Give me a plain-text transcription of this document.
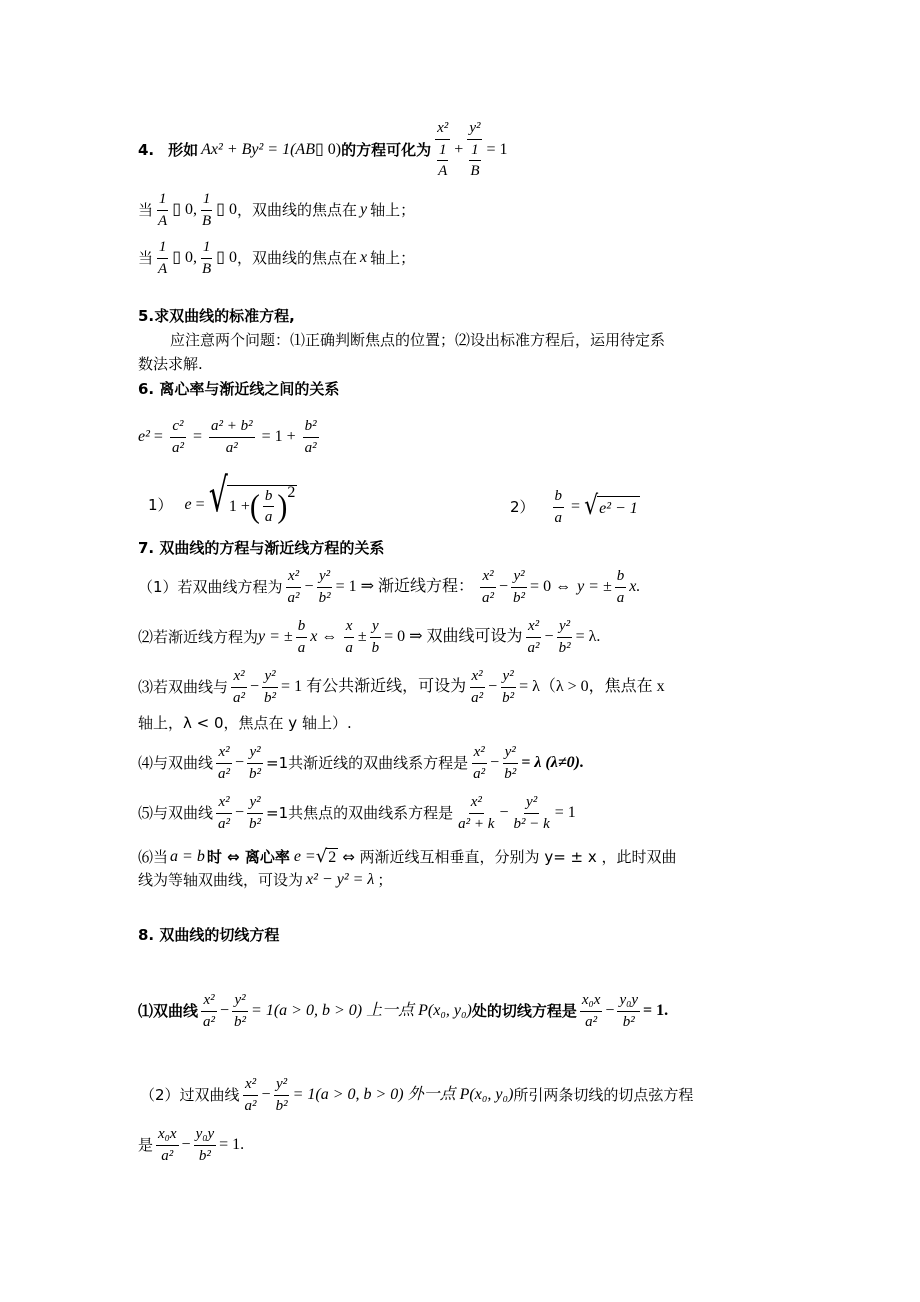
4. 形如 Ax² + By² = 1(AB ▯ 0) 的方程可化为 $\frac{\text{x²}}{\frac{1}{A}} + \frac{\text{y²}}{\frac{1}{B}} = 1$
当 $\frac{1}{A}$ ▯ 0, $\frac{1}{B}$ ▯ 0 ，双曲线的焦点在 y 轴上；
当 $\frac{1}{A}$ ▯ 0, $\frac{1}{B}$ ▯ 0 ，双曲线的焦点在 x 轴上；
5.求双曲线的标准方程,
应注意两个问题：⑴正确判断焦点的位置；⑵设出标准方程后，运用待定系
数法求解.
6. 离心率与渐近线之间的关系
$e^2 = \frac{\text{c²}}{\text{a²}} = \frac{\text{a² + b²}}{\text{a²}} = 1 + \frac{\text{b²}}{\text{a²}}$
1） e = √ 1 + ( $\frac{b}{a} )^2$
$2) \frac{b}{a}$ = √ e² − 1
7. 双曲线的方程与渐近线方程的关系
（1）若双曲线方程为 $\frac{\text{x²}}{\text{a²}} - \frac{\text{y²}}{\text{b²}} = 1$ ⇒ 渐近线方程： $\frac{\text{x²}}{\text{a²}} - \frac{\text{y²}}{\text{b²}} = 0$ ⇔ y = ± $\frac{b}{a} x$.
⑵若渐近线方程为 y = ± $\frac{b}{a}$ x ⇔ $\frac{x}{a} \pm \frac{y}{b} = 0$ ⇒ 双曲线可设为 $\frac{\text{x²}}{\text{a²}} - \frac{\text{y²}}{\text{b²}} = \lambda$.
⑶若双曲线与 $\frac{\text{x²}}{\text{a²}} - \frac{\text{y²}}{\text{b²}} = 1$ 有公共渐近线，可设为 $\frac{\text{x²}}{\text{a²}} - \frac{\text{y²}}{\text{b²}} = \lambda(\lambda > 0$，焦点在 x
轴上，λ < 0，焦点在 y 轴上）.
⑷与双曲线 $\frac{\text{x²}}{\text{a²}} - \frac{\text{y²}}{\text{b²}} =1$共渐近线的双曲线系方程是 $\frac{\text{x²}}{\text{a²}} - \frac{\text{y²}}{\text{b²}} = \lambda$ (λ≠0).
⑸与双曲线 $\frac{\text{x²}}{\text{a²}} - \frac{\text{y²}}{\text{b²}} =1$共焦点的双曲线系方程是 $\frac{\text{x²}}{\text{a² + k}} - \frac{\text{y²}}{\text{b² − k}} = 1$
⑹当 a = b 时 ⇔ 离心率 e = √ 2 ⇔ 两渐近线互相垂直，分别为 y= ± x ，此时双曲
线为等轴双曲线，可设为 x² − y² = λ ；
8. 双曲线的切线方程
⑴双曲线 $\frac{\text{x²}}{\text{a²}} - \frac{\text{y²}}{\text{b²}} = 1(a > 0$, b > 0) 上一点 P(x₀, y₀) 处的切线方程是 $\frac{\text{x₀x}}{\text{a²}} - \frac{\text{y₀y}}{\text{b²}} = 1$.
（2）过双曲线 $\frac{\text{x²}}{\text{a²}} - \frac{\text{y²}}{\text{b²}} = 1(a > 0$, b > 0) 外一点 P(x₀, y₀) 所引两条切线的切点弦方程
是 $\frac{\text{x₀x}}{\text{a²}} - \frac{\text{y₀y}}{\text{b²}} = 1$.
